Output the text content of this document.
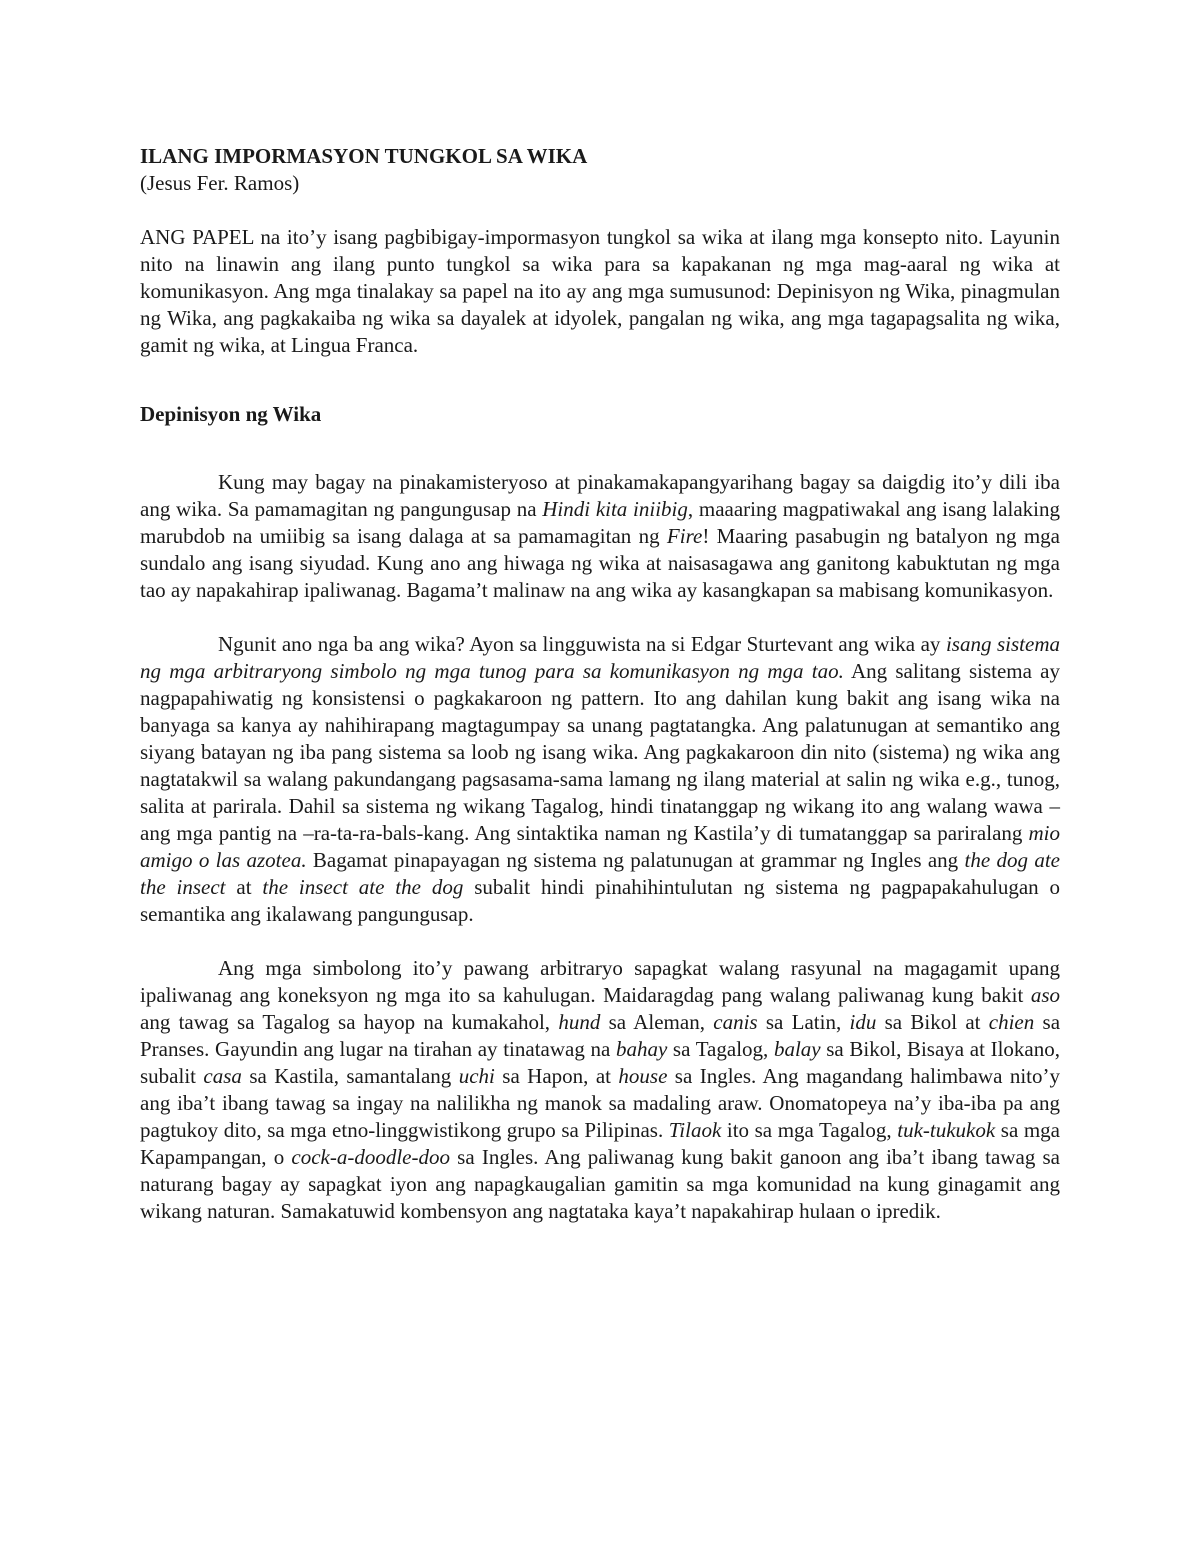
ILANG IMPORMASYON TUNGKOL SA WIKA
(Jesus Fer. Ramos)

ANG PAPEL na ito’y isang pagbibigay-impormasyon tungkol sa wika at ilang mga konsepto nito. Layunin nito na linawin ang ilang punto tungkol sa wika para sa kapakanan ng mga mag-aaral ng wika at komunikasyon. Ang mga tinalakay sa papel na ito ay ang mga sumusunod: Depinisyon ng Wika, pinagmulan ng Wika, ang pagkakaiba ng wika sa dayalek at idyolek, pangalan ng wika, ang mga tagapagsalita ng wika, gamit ng wika, at Lingua Franca.

Depinisyon ng Wika

Kung may bagay na pinakamisteryoso at pinakamakapangyarihang bagay sa daigdig ito’y dili iba ang wika. Sa pamamagitan ng pangungusap na Hindi kita iniibig, maaaring magpatiwakal ang isang lalaking marubdob na umiibig sa isang dalaga at sa pamamagitan ng Fire! Maaring pasabugin ng batalyon ng mga sundalo ang isang siyudad. Kung ano ang hiwaga ng wika at naisasagawa ang ganitong kabuktutan ng mga tao ay napakahirap ipaliwanag. Bagama’t malinaw na ang wika ay kasangkapan sa mabisang komunikasyon.

Ngunit ano nga ba ang wika? Ayon sa lingguwista na si Edgar Sturtevant ang wika ay isang sistema ng mga arbitraryong simbolo ng mga tunog para sa komunikasyon ng mga tao. Ang salitang sistema ay nagpapahiwatig ng konsistensi o pagkakaroon ng pattern. Ito ang dahilan kung bakit ang isang wika na banyaga sa kanya ay nahihirapang magtagumpay sa unang pagtatangka. Ang palatunugan at semantiko ang siyang batayan ng iba pang sistema sa loob ng isang wika. Ang pagkakaroon din nito (sistema) ng wika ang nagtatakwil sa walang pakundangang pagsasama-sama lamang ng ilang material at salin ng wika e.g., tunog, salita at parirala. Dahil sa sistema ng wikang Tagalog, hindi tinatanggap ng wikang ito ang walang wawa – ang mga pantig na –ra-ta-ra-bals-kang. Ang sintaktika naman ng Kastila’y di tumatanggap sa pariralang mio amigo o las azotea. Bagamat pinapayagan ng sistema ng palatunugan at grammar ng Ingles ang the dog ate the insect at the insect ate the dog subalit hindi pinahihintulutan ng sistema ng pagpapakahulugan o semantika ang ikalawang pangungusap.

Ang mga simbolong ito’y pawang arbitraryo sapagkat walang rasyunal na magagamit upang ipaliwanag ang koneksyon ng mga ito sa kahulugan. Maidaragdag pang walang paliwanag kung bakit aso ang tawag sa Tagalog sa hayop na kumakahol, hund sa Aleman, canis sa Latin, idu sa Bikol at chien sa Pranses. Gayundin ang lugar na tirahan ay tinatawag na bahay sa Tagalog, balay sa Bikol, Bisaya at Ilokano, subalit casa sa Kastila, samantalang uchi sa Hapon, at house sa Ingles. Ang magandang halimbawa nito’y ang iba’t ibang tawag sa ingay na nalilikha ng manok sa madaling araw. Onomatopeya na’y iba-iba pa ang pagtukoy dito, sa mga etno-linggwistikong grupo sa Pilipinas. Tilaok ito sa mga Tagalog, tuk-tukukok sa mga Kapampangan, o cock-a-doodle-doo sa Ingles. Ang paliwanag kung bakit ganoon ang iba’t ibang tawag sa naturang bagay ay sapagkat iyon ang napagkaugalian gamitin sa mga komunidad na kung ginagamit ang wikang naturan. Samakatuwid kombensyon ang nagtataka kaya’t napakahirap hulaan o ipredik.
